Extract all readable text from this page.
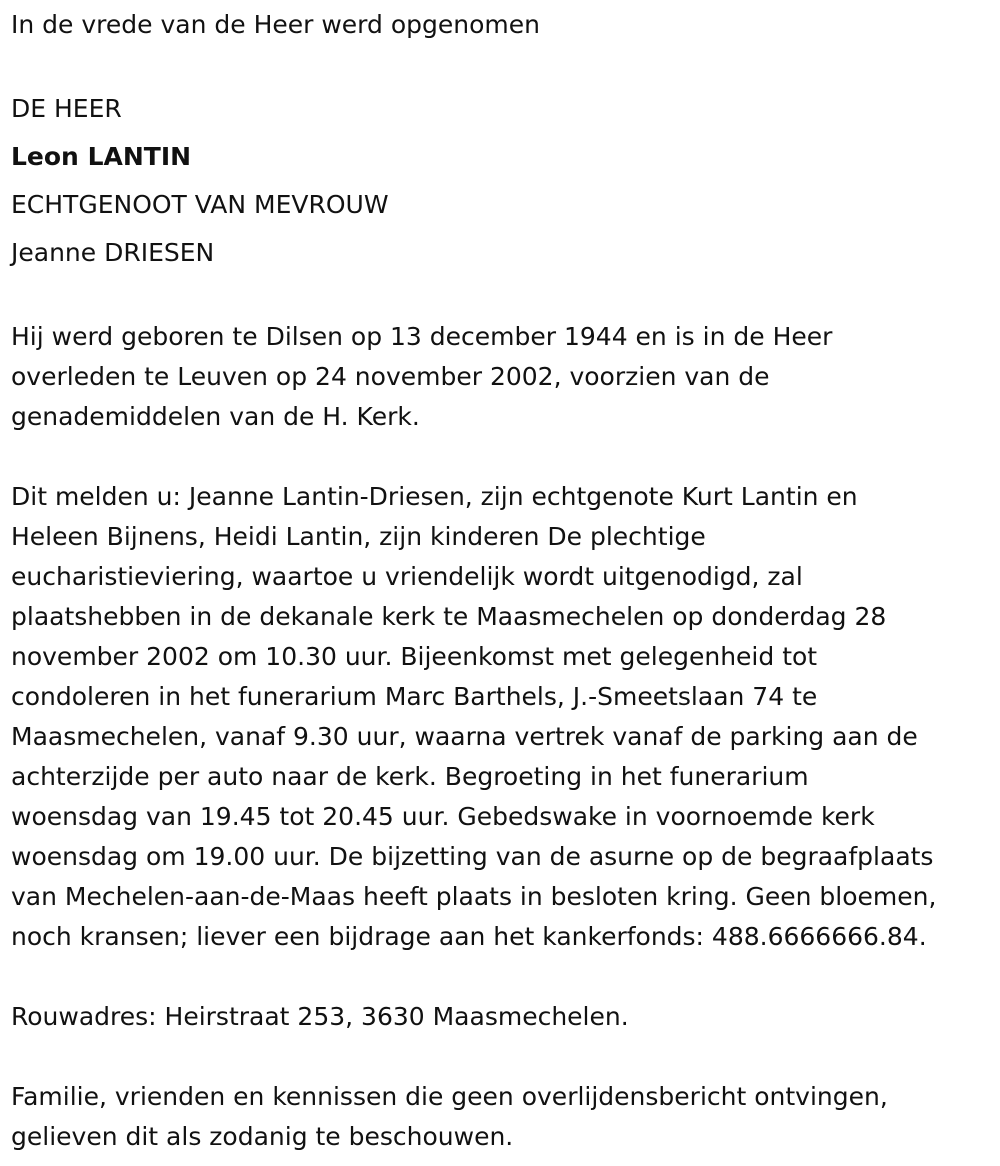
In de vrede van de Heer werd opgenomen

DE HEER

Leon LANTIN

ECHTGENOOT VAN MEVROUW

Jeanne DRIESEN

Hij werd geboren te Dilsen op 13 december 1944 en is in de Heer

overleden te Leuven op 24 november 2002, voorzien van de

genademiddelen van de H. Kerk.

Dit melden u: Jeanne Lantin-Driesen, zijn echtgenote Kurt Lantin en

Heleen Bijnens, Heidi Lantin, zijn kinderen De plechtige

eucharistieviering, waartoe u vriendelijk wordt uitgenodigd, zal

plaatshebben in de dekanale kerk te Maasmechelen op donderdag 28

november 2002 om 10.30 uur. Bijeenkomst met gelegenheid tot

condoleren in het funerarium Marc Barthels, J.-Smeetslaan 74 te

Maasmechelen, vanaf 9.30 uur, waarna vertrek vanaf de parking aan de

achterzijde per auto naar de kerk. Begroeting in het funerarium

woensdag van 19.45 tot 20.45 uur. Gebedswake in voornoemde kerk

woensdag om 19.00 uur. De bijzetting van de asurne op de begraafplaats

van Mechelen-aan-de-Maas heeft plaats in besloten kring. Geen bloemen,

noch kransen; liever een bijdrage aan het kankerfonds: 488.6666666.84.

Rouwadres: Heirstraat 253, 3630 Maasmechelen.

Familie, vrienden en kennissen die geen overlijdensbericht ontvingen,

gelieven dit als zodanig te beschouwen.
